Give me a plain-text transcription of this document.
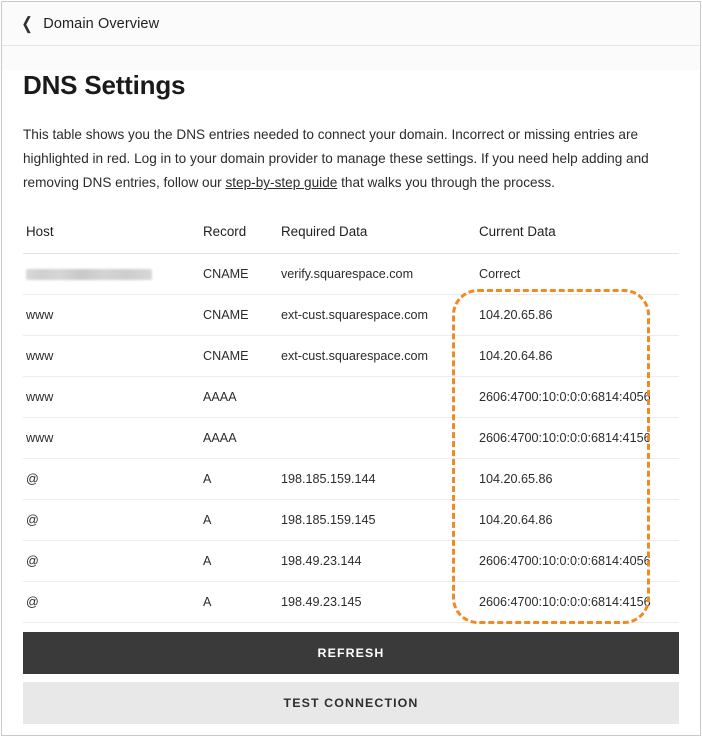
❮ Domain Overview
DNS Settings

This table shows you the DNS entries needed to connect your domain. Incorrect or missing entries are highlighted in red. Log in to your domain provider to manage these settings. If you need help adding and removing DNS entries, follow our step-by-step guide that walks you through the process.

Host	Record	Required Data	Current Data
	CNAME	verify.squarespace.com	Correct
www	CNAME	ext-cust.squarespace.com	104.20.65.86
www	CNAME	ext-cust.squarespace.com	104.20.64.86
www	AAAA		2606:4700:10:0:0:0:6814:4056
www	AAAA		2606:4700:10:0:0:0:6814:4156
@	A	198.185.159.144	104.20.65.86
@	A	198.185.159.145	104.20.64.86
@	A	198.49.23.144	2606:4700:10:0:0:0:6814:4056
@	A	198.49.23.145	2606:4700:10:0:0:0:6814:4156
REFRESH
TEST CONNECTION
